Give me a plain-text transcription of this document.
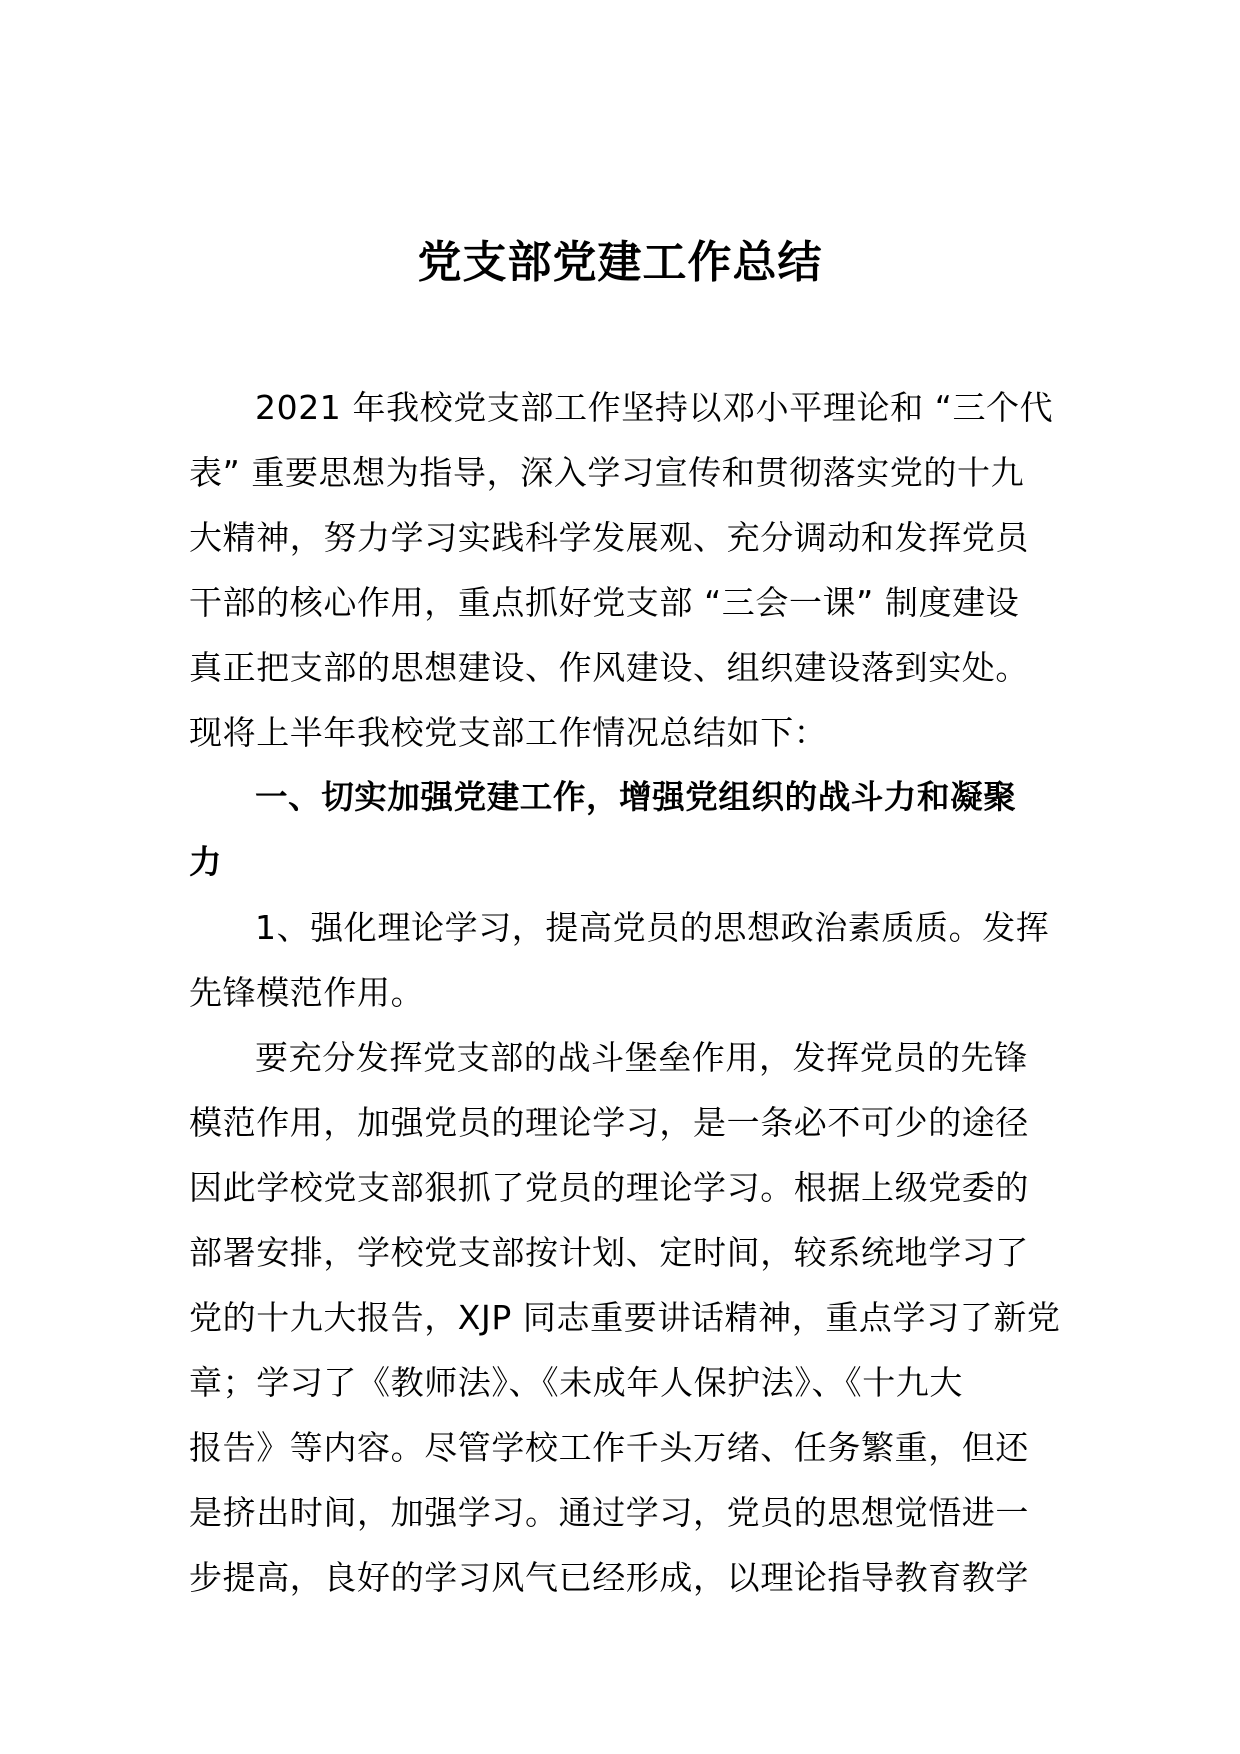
党支部党建工作总结
2021 年我校党支部工作坚持以邓小平理论和 “三个代
表” 重要思想为指导，深入学习宣传和贯彻落实党的十九
大精神，努力学习实践科学发展观、充分调动和发挥党员
干部的核心作用，重点抓好党支部 “三会一课” 制度建设
真正把支部的思想建设、作风建设、组织建设落到实处。
现将上半年我校党支部工作情况总结如下：
一、切实加强党建工作，增强党组织的战斗力和凝聚
力
1、强化理论学习，提高党员的思想政治素质质。发挥
先锋模范作用。
要充分发挥党支部的战斗堡垒作用，发挥党员的先锋
模范作用，加强党员的理论学习，是一条必不可少的途径
因此学校党支部狠抓了党员的理论学习。根据上级党委的
部署安排，学校党支部按计划、定时间，较系统地学习了
党的十九大报告，XJP 同志重要讲话精神，重点学习了新党
章；学习了《教师法》、《未成年人保护法》、《十九大
报告》等内容。尽管学校工作千头万绪、任务繁重，但还
是挤出时间，加强学习。通过学习，党员的思想觉悟进一
步提高，良好的学习风气已经形成，以理论指导教育教学
